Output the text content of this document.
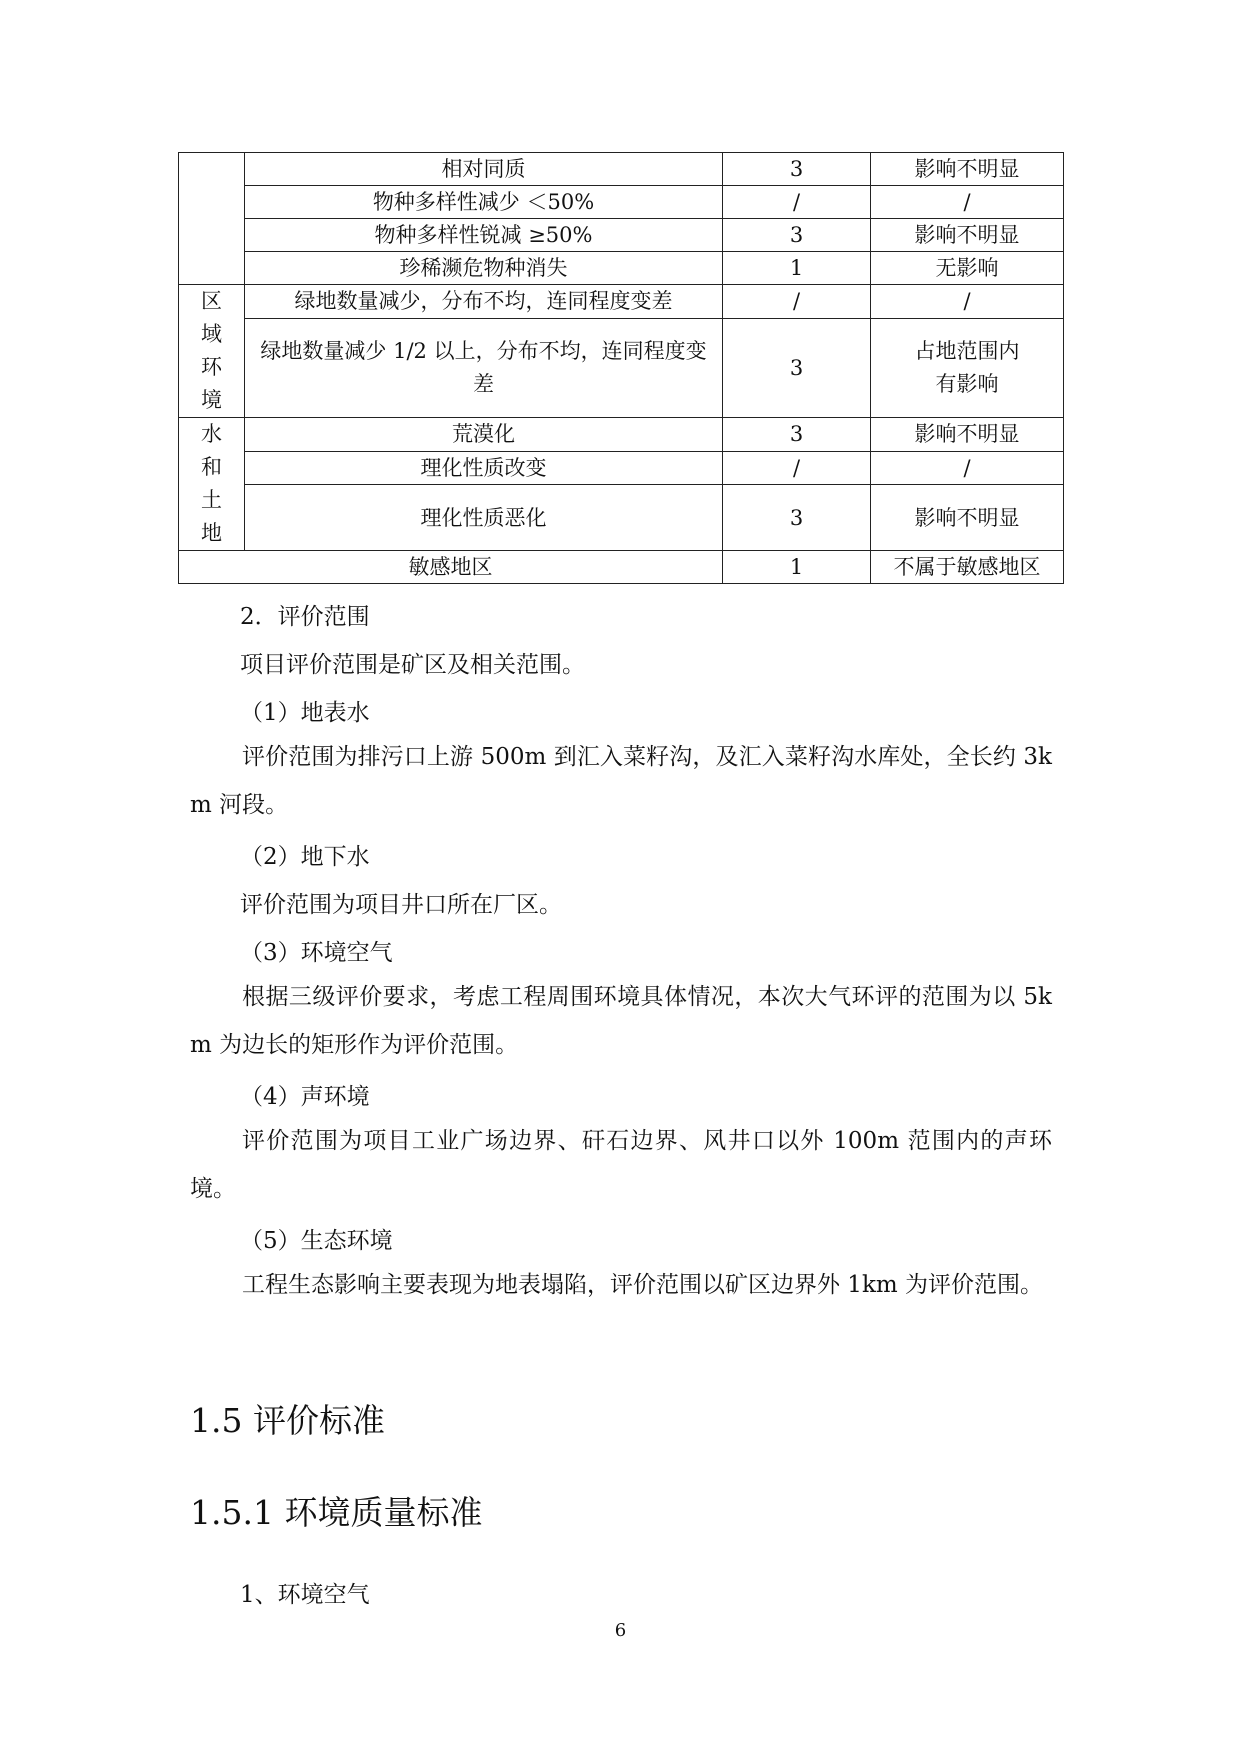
	相对同质	3	影响不明显
	物种多样性减少 ＜50%	/	/
	物种多样性锐减 ≥50%	3	影响不明显
	珍稀濒危物种消失	1	无影响

区
域
环
境	绿地数量减少，分布不均，连同程度变差	/	/
	绿地数量减少 1/2 以上，分布不均，连同程度变差	3	占地范围内
有影响

水
和
土
地	荒漠化	3	影响不明显
	理化性质改变	/	/
	理化性质恶化	3	影响不明显
敏感地区		1	不属于敏感地区
2．评价范围
项目评价范围是矿区及相关范围。
（1）地表水
评价范围为排污口上游 500m 到汇入菜籽沟，及汇入菜籽沟水库处，全长约 3km 河段。
（2）地下水
评价范围为项目井口所在厂区。
（3）环境空气
根据三级评价要求，考虑工程周围环境具体情况，本次大气环评的范围为以 5km 为边长的矩形作为评价范围。
（4）声环境
评价范围为项目工业广场边界、矸石边界、风井口以外 100m 范围内的声环境。
（5）生态环境
工程生态影响主要表现为地表塌陷，评价范围以矿区边界外 1km 为评价范围。
1.5 评价标准
1.5.1 环境质量标准
1、环境空气
6
